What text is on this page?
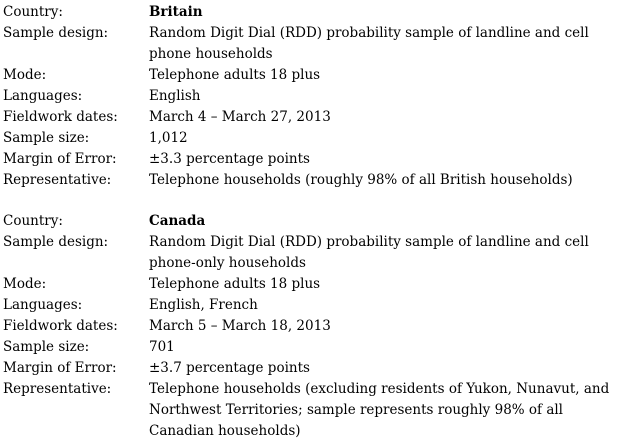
Country:	Britain
Sample design:	Random Digit Dial (RDD) probability sample of landline and cell phone households
Mode:	Telephone adults 18 plus
Languages:	English
Fieldwork dates:	March 4 – March 27, 2013
Sample size:	1,012
Margin of Error:	±3.3 percentage points
Representative:	Telephone households (roughly 98% of all British households)
Country:	Canada
Sample design:	Random Digit Dial (RDD) probability sample of landline and cell phone-only households
Mode:	Telephone adults 18 plus
Languages:	English, French
Fieldwork dates:	March 5 – March 18, 2013
Sample size:	701
Margin of Error:	±3.7 percentage points
Representative:	Telephone households (excluding residents of Yukon, Nunavut, and Northwest Territories; sample represents roughly 98% of all Canadian households)
